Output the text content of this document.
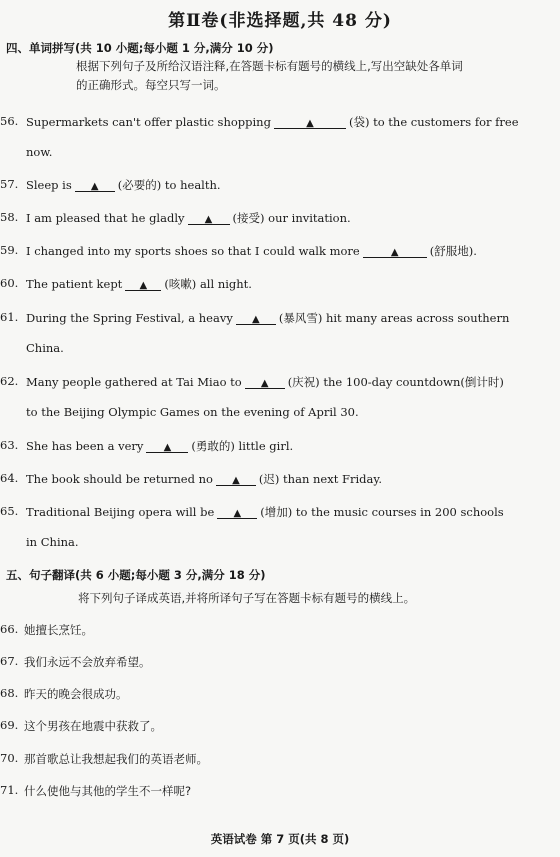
第Ⅱ卷(非选择题,共 48 分)
四、单词拼写(共 10 小题;每小题 1 分,满分 10 分)
根据下列句子及所给汉语注释,在答题卡标有题号的横线上,写出空缺处各单词
的正确形式。每空只写一词。
56. Supermarkets can't offer plastic shopping	▲	(袋) to the customers for free
now.
57. Sleep is ▲ (必要的) to health.
58. I am pleased that he gladly ▲ (接受) our invitation.
59. I changed into my sports shoes so that I could walk more	▲	(舒服地).
60. The patient kept ▲ (咳嗽) all night.
61. During the Spring Festival, a heavy ▲ (暴风雪) hit many areas across southern
China.
62. Many people gathered at Tai Miao to ▲ (庆祝) the 100-day countdown(倒计时)
to the Beijing Olympic Games on the evening of April 30.
63. She has been a very ▲ (勇敢的) little girl.
64. The book should be returned no ▲ (迟) than next Friday.
65. Traditional Beijing opera will be ▲ (增加) to the music courses in 200 schools
in China.
五、句子翻译(共 6 小题;每小题 3 分,满分 18 分)
将下列句子译成英语,并将所译句子写在答题卡标有题号的横线上。
66. 她擅长烹饪。
67. 我们永远不会放弃希望。
68. 昨天的晚会很成功。
69. 这个男孩在地震中获救了。
70. 那首歌总让我想起我们的英语老师。
71. 什么使他与其他的学生不一样呢?
英语试卷 第 7 页(共 8 页)
